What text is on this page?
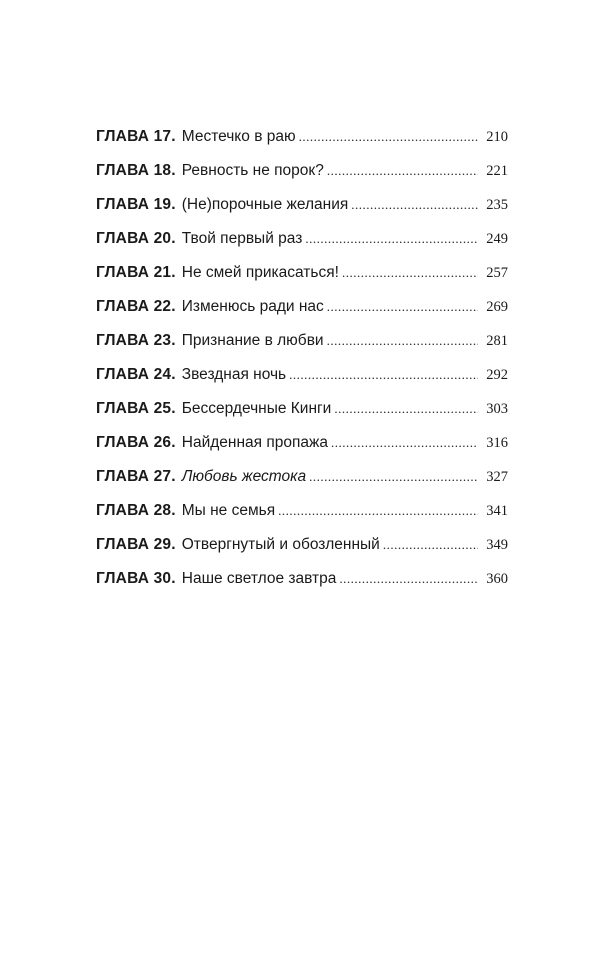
ГЛАВА 17. Местечко в раю .....	210
ГЛАВА 18. Ревность не порок? .....	221
ГЛАВА 19. (Не)порочные желания .....	235
ГЛАВА 20. Твой первый раз .....	249
ГЛАВА 21. Не смей прикасаться! .....	257
ГЛАВА 22. Изменюсь ради нас .....	269
ГЛАВА 23. Признание в любви .....	281
ГЛАВА 24. Звездная ночь .....	292
ГЛАВА 25. Бессердечные Кинги .....	303
ГЛАВА 26. Найденная пропажа .....	316
ГЛАВА 27. Любовь жестока .....	327
ГЛАВА 28. Мы не семья .....	341
ГЛАВА 29. Отвергнутый и обозленный .....	349
ГЛАВА 30. Наше светлое завтра .....	360
